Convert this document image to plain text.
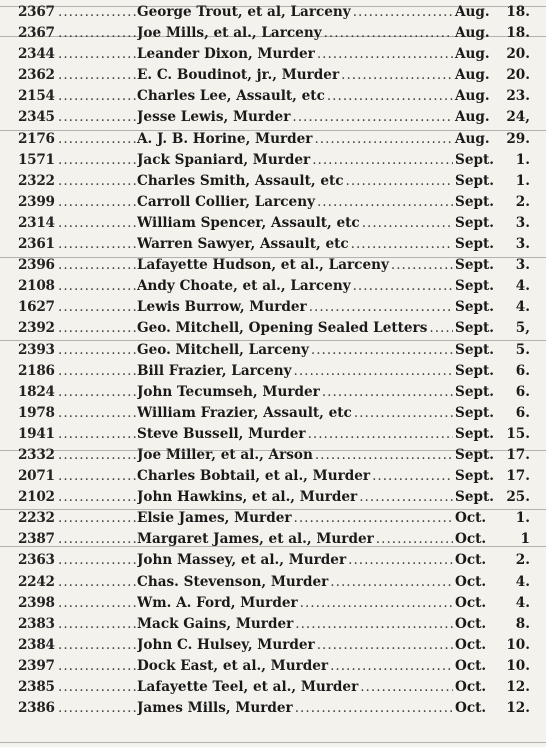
2367 .....	George Trout, et al, Larceny .....	Aug.	18.
2367 .....	Joe Mills, et al., Larceny .....	Aug.	18.
2344 .....	Leander Dixon, Murder .....	Aug.	20.
2362 .....	E. C. Boudinot, jr., Murder .....	Aug.	20.
2154 .....	Charles Lee, Assault, etc .....	Aug.	23.
2345 .....	Jesse Lewis, Murder .....	Aug.	24,
2176 .....	A. J. B. Horine, Murder .....	Aug.	29.
1571 .....	Jack Spaniard, Murder .....	Sept.	1.
2322 .....	Charles Smith, Assault, etc .....	Sept.	1.
2399 .....	Carroll Collier, Larceny .....	Sept.	2.
2314 .....	William Spencer, Assault, etc .....	Sept.	3.
2361 .....	Warren Sawyer, Assault, etc .....	Sept.	3.
2396 .....	Lafayette Hudson, et al., Larceny .....	Sept.	3.
2108 .....	Andy Choate, et al., Larceny .....	Sept.	4.
1627 .....	Lewis Burrow, Murder .....	Sept.	4.
2392 .....	Geo. Mitchell, Opening Sealed Letters .....	Sept.	5,
2393 .....	Geo. Mitchell, Larceny .....	Sept.	5.
2186 .....	Bill Frazier, Larceny .....	Sept.	6.
1824 .....	John Tecumseh, Murder .....	Sept.	6.
1978 .....	William Frazier, Assault, etc .....	Sept.	6.
1941 .....	Steve Bussell, Murder .....	Sept. 15.
2332 .....	Joe Miller, et al., Arson .....	Sept. 17.
2071 .....	Charles Bobtail, et al., Murder .....	Sept. 17.
2102 .....	John Hawkins, et al., Murder .....	Sept. 25.
2232 .....	Elsie James, Murder .....	Oct.	1.
2387 .....	Margaret James, et al., Murder .....	Oct.	1
2363 .....	John Massey, et al., Murder .....	Oct.	2.
2242 .....	Chas. Stevenson, Murder .....	Oct.	4.
2398 .....	Wm. A. Ford, Murder .....	Oct.	4.
2383 .....	Mack Gains, Murder .....	Oct.	8.
2384 .....	John C. Hulsey, Murder .....	Oct.	10.
2397 .....	Dock East, et al., Murder .....	Oct.	10.
2385 .....	Lafayette Teel, et al., Murder .....	Oct.	12.
2386 .....	James Mills, Murder .....	Oct.	12.
